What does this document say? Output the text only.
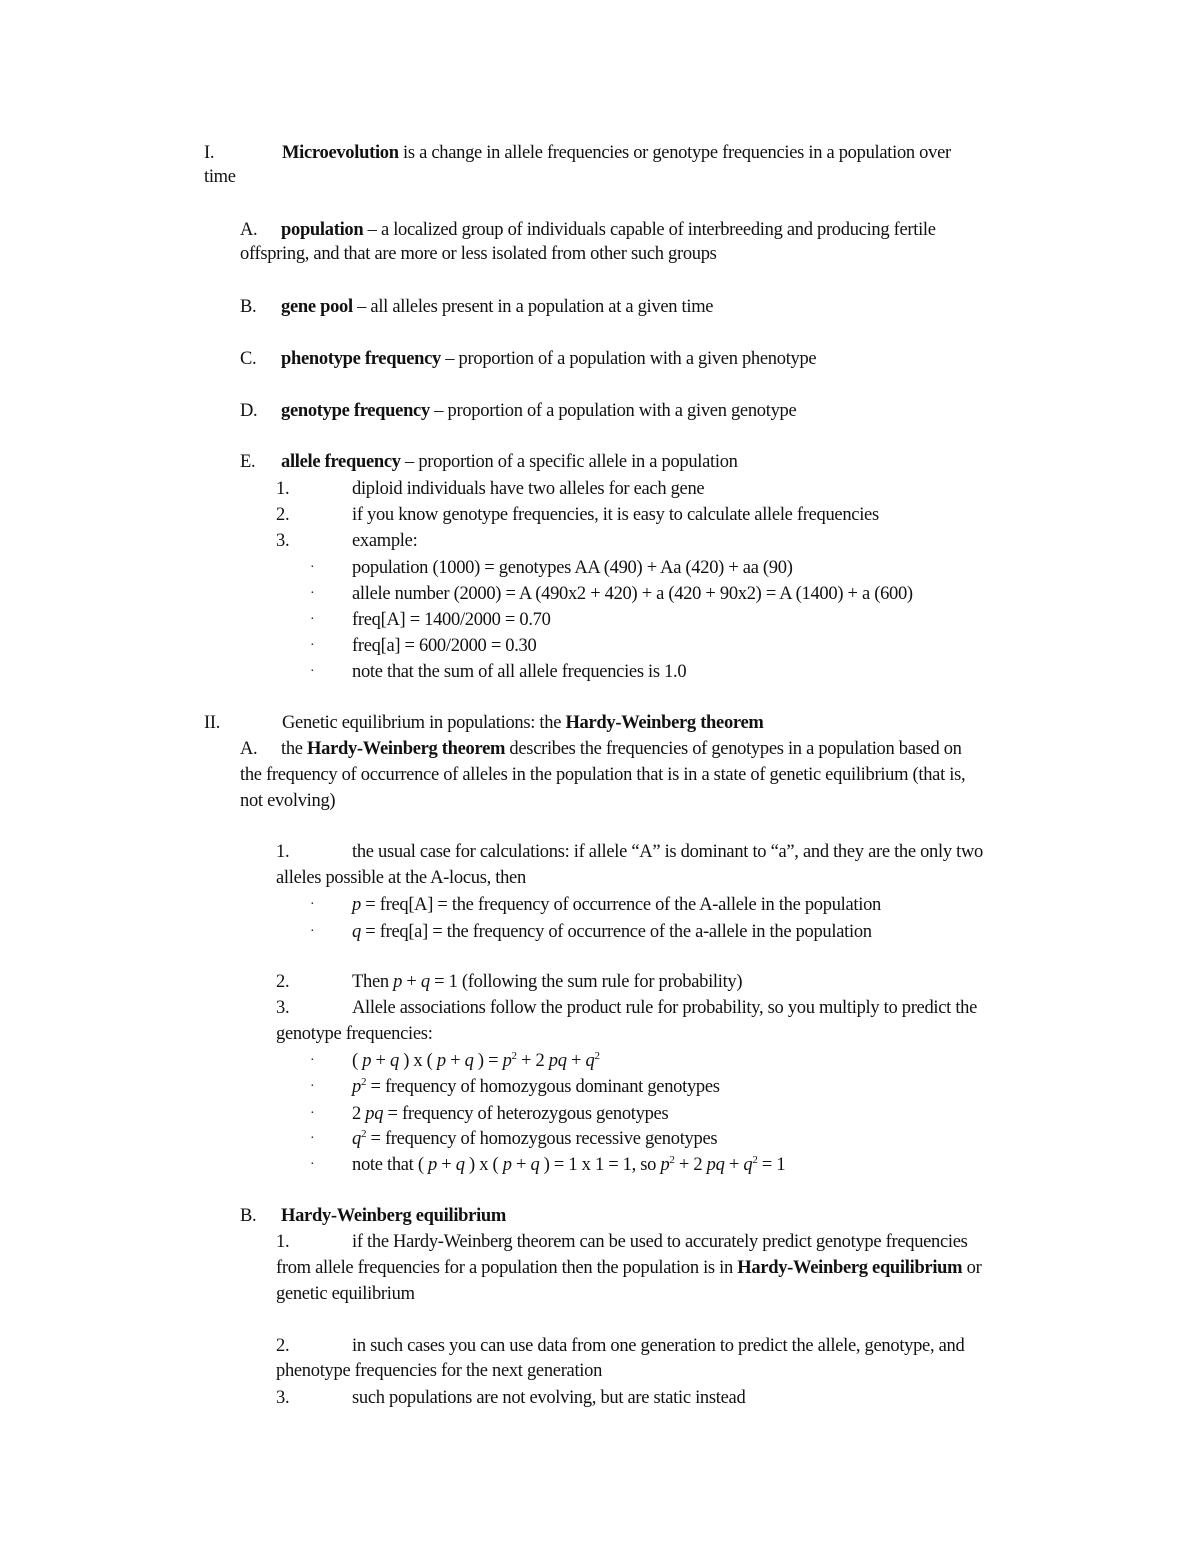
I.	Microevolution is a change in allele frequencies or genotype frequencies in a population over
time
A. population – a localized group of individuals capable of interbreeding and producing fertile
offspring, and that are more or less isolated from other such groups
B. gene pool – all alleles present in a population at a given time
C. phenotype frequency – proportion of a population with a given phenotype
D. genotype frequency – proportion of a population with a given genotype
E. allele frequency – proportion of a specific allele in a population
1.	diploid individuals have two alleles for each gene
2.	if you know genotype frequencies, it is easy to calculate allele frequencies
3.	example:
· population (1000) = genotypes AA (490) + Aa (420) + aa (90)
· allele number (2000) = A (490x2 + 420) + a (420 + 90x2) = A (1400) + a (600)
· freq[A] = 1400/2000 = 0.70
· freq[a] = 600/2000 = 0.30
· note that the sum of all allele frequencies is 1.0
II.	Genetic equilibrium in populations: the Hardy-Weinberg theorem
A. the Hardy-Weinberg theorem describes the frequencies of genotypes in a population based on
the frequency of occurrence of alleles in the population that is in a state of genetic equilibrium (that is,
not evolving)
1.	the usual case for calculations: if allele “A” is dominant to “a”, and they are the only two
alleles possible at the A-locus, then
· p = freq[A] = the frequency of occurrence of the A-allele in the population
· q = freq[a] = the frequency of occurrence of the a-allele in the population
2.	Then p + q = 1 (following the sum rule for probability)
3.	Allele associations follow the product rule for probability, so you multiply to predict the
genotype frequencies:
· ( p + q ) x ( p + q ) = $p^2 + 2$ pq + $q^2$
· $p^2$ = frequency of homozygous dominant genotypes
· 2 pq = frequency of heterozygous genotypes
· $q^2$ = frequency of homozygous recessive genotypes
· note that ( p + q ) x ( p + q ) = 1 x 1 = 1, so $p^2 + 2$ pq + $q^2 = 1$
B. Hardy-Weinberg equilibrium
1.	if the Hardy-Weinberg theorem can be used to accurately predict genotype frequencies
from allele frequencies for a population then the population is in Hardy-Weinberg equilibrium or
genetic equilibrium
2.	in such cases you can use data from one generation to predict the allele, genotype, and
phenotype frequencies for the next generation
3.	such populations are not evolving, but are static instead
